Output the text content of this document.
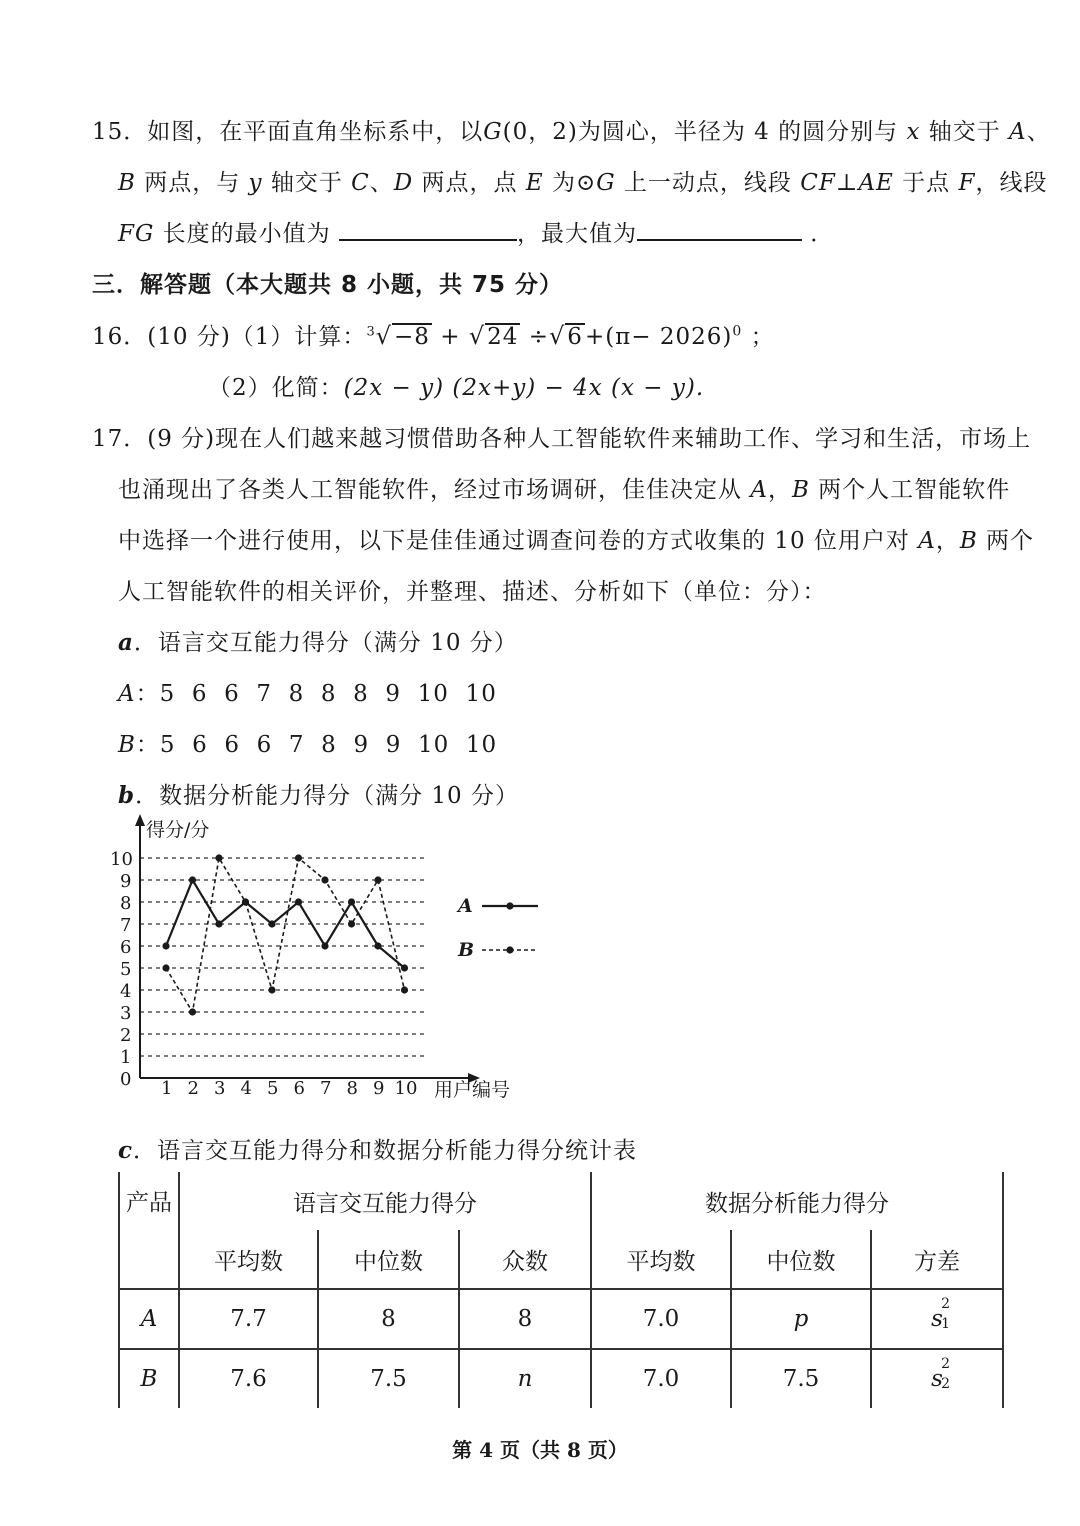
15．如图，在平面直角坐标系中，以G(0，2)为圆心，半径为 4 的圆分别与 x 轴交于 A、
B 两点，与 y 轴交于 C、D 两点，点 E 为⊙G 上一动点，线段 CF⊥AE 于点 F，线段
FG 长度的最小值为	，最大值为	．
三．解答题（本大题共 8 小题，共 75 分）
16．(10 分)（1）计算：$^3√-8 + √24 \div√6+(\pi- 2026)^0$ ；
（2）化简：(2x − y) (2x+y) − 4x (x − y).
17．(9 分)现在人们越来越习惯借助各种人工智能软件来辅助工作、学习和生活，市场上
也涌现出了各类人工智能软件，经过市场调研，佳佳决定从 A，B 两个人工智能软件
中选择一个进行使用，以下是佳佳通过调查问卷的方式收集的 10 位用户对 A，B 两个
人工智能软件的相关评价，并整理、描述、分析如下（单位：分）：
a．语言交互能力得分（满分 10 分）
A：5  6  6  7  8  8  8  9  10  10
B：5  6  6  6  7  8  9  9  10  10
b．数据分析能力得分（满分 10 分）
得分/分
用户编号
0
1
2
3
4
5
6
7
8
9
10
1 2 3 4 5 6 7 8 9 10
A
B
c．语言交互能力得分和数据分析能力得分统计表
产品	语言交互能力得分			数据分析能力得分		
	平均数	中位数	众数	平均数	中位数	方差
A	7.7	8	8	7.0	p	s
2
1

B	7.6	7.5	n	7.0	7.5	s
2
2
第 4 页（共 8 页）
